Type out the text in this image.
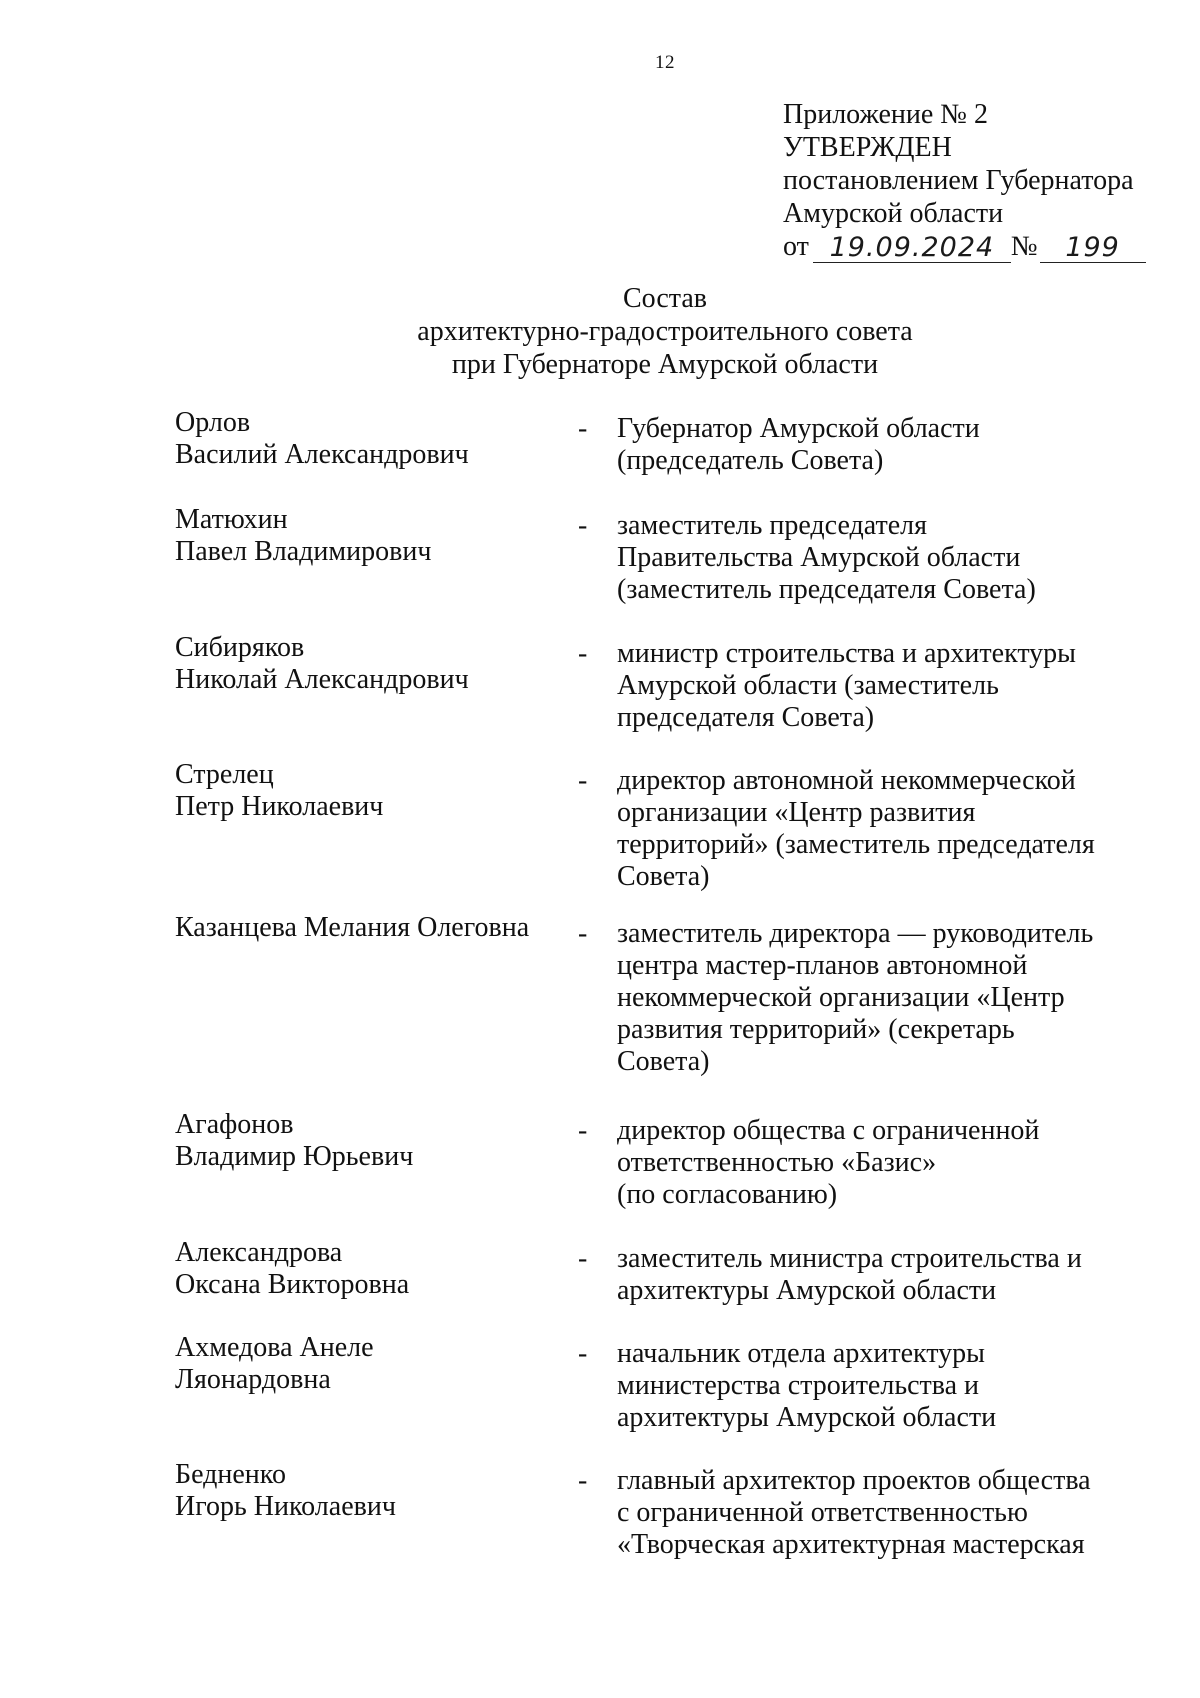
12
Приложение № 2
УТВЕРЖДЕН
постановлением Губернатора
Амурской области
от 19.09.2024 №	199
Состав
архитектурно-градостроительного совета
при Губернаторе Амурской области
Орлов
Василий Александрович
- Губернатор Амурской области
(председатель Совета)
Матюхин
Павел Владимирович
- заместитель председателя
Правительства Амурской области
(заместитель председателя Совета)
Сибиряков
Николай Александрович
- министр строительства и архитектуры
Амурской области (заместитель
председателя Совета)
Стрелец
Петр Николаевич
- директор автономной некоммерческой
организации «Центр развития
территорий» (заместитель председателя
Совета)
Казанцева Мелания Олеговна	- заместитель директора — руководитель
центра мастер-планов автономной
некоммерческой организации «Центр
развития территорий» (секретарь
Совета)
Агафонов
Владимир Юрьевич
- директор общества с ограниченной
ответственностью «Базис»
(по согласованию)
Александрова
Оксана Викторовна
- заместитель министра строительства и
архитектуры Амурской области
Ахмедова Анеле
Ляонардовна
- начальник отдела архитектуры
министерства строительства и
архитектуры Амурской области
Бедненко
Игорь Николаевич
- главный архитектор проектов общества
с ограниченной ответственностью
«Творческая архитектурная мастерская
